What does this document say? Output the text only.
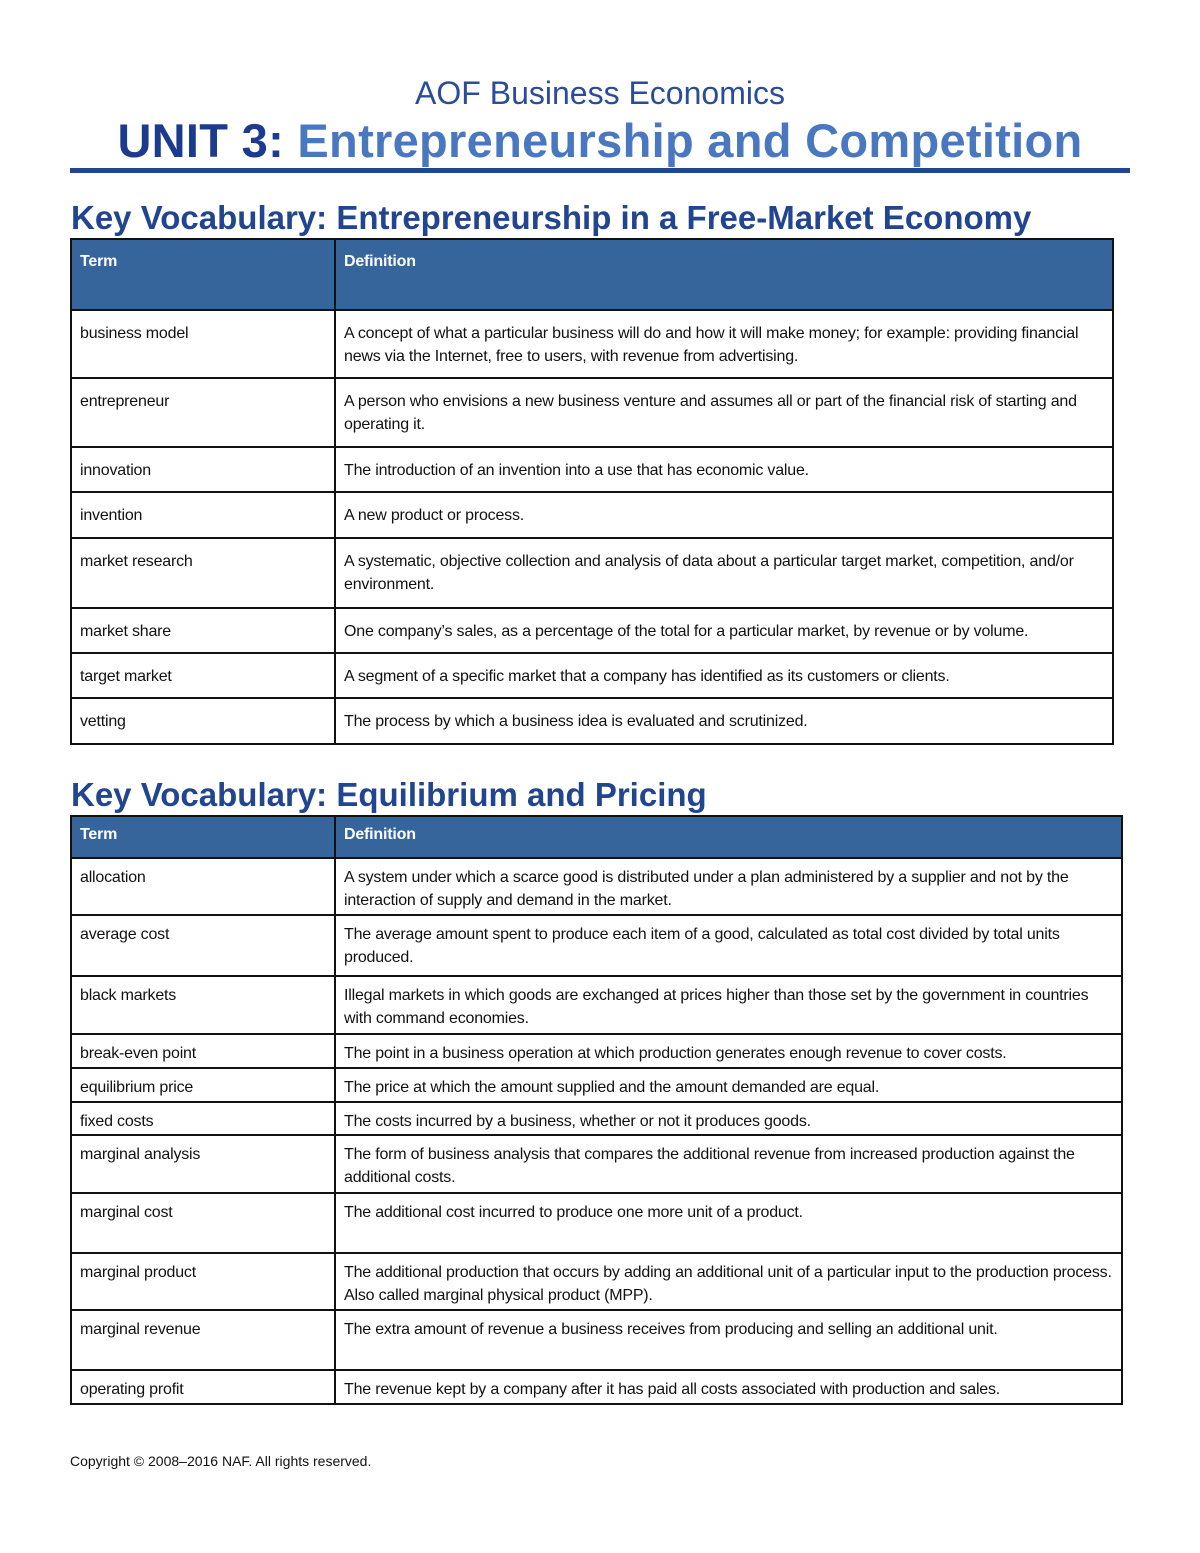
AOF Business Economics
UNIT 3: Entrepreneurship and Competition
Key Vocabulary: Entrepreneurship in a Free-Market Economy
Term	Definition
business model	A concept of what a particular business will do and how it will make money; for example: providing financial news via the Internet, free to users, with revenue from advertising.
entrepreneur	A person who envisions a new business venture and assumes all or part of the financial risk of starting and operating it.
innovation	The introduction of an invention into a use that has economic value.
invention	A new product or process.
market research	A systematic, objective collection and analysis of data about a particular target market, competition, and/or environment.
market share	One company’s sales, as a percentage of the total for a particular market, by revenue or by volume.
target market	A segment of a specific market that a company has identified as its customers or clients.
vetting	The process by which a business idea is evaluated and scrutinized.
Key Vocabulary: Equilibrium and Pricing
Term	Definition
allocation	A system under which a scarce good is distributed under a plan administered by a supplier and not by the interaction of supply and demand in the market.
average cost	The average amount spent to produce each item of a good, calculated as total cost divided by total units produced.
black markets	Illegal markets in which goods are exchanged at prices higher than those set by the government in countries with command economies.
break-even point	The point in a business operation at which production generates enough revenue to cover costs.
equilibrium price	The price at which the amount supplied and the amount demanded are equal.
fixed costs	The costs incurred by a business, whether or not it produces goods.
marginal analysis	The form of business analysis that compares the additional revenue from increased production against the additional costs.
marginal cost	The additional cost incurred to produce one more unit of a product.
marginal product	The additional production that occurs by adding an additional unit of a particular input to the production process. Also called marginal physical product (MPP).
marginal revenue	The extra amount of revenue a business receives from producing and selling an additional unit.
operating profit	The revenue kept by a company after it has paid all costs associated with production and sales.
Copyright © 2008–2016 NAF. All rights reserved.
